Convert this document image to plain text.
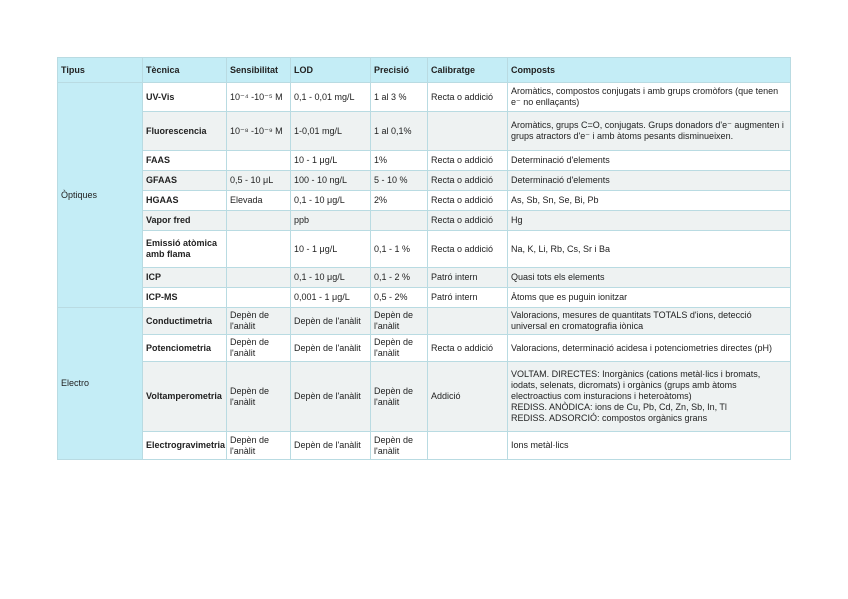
Tipus	Tècnica	Sensibilitat	LOD	Precisió	Calibratge	Composts
Òptiques	UV-Vis	10⁻⁴ -10⁻⁵ M	0,1 - 0,01 mg/L	1 al 3 %	Recta o addició	Aromàtics, compostos conjugats i amb grups cromòfors (que tenen e⁻ no enllaçants)
	Fluorescencia	10⁻⁸ -10⁻⁹ M	1-0,01 mg/L	1 al 0,1%		Aromàtics, grups C=O, conjugats. Grups donadors d'e⁻ augmenten i grups atractors d'e⁻ i amb àtoms pesants disminueixen.
	FAAS		10 - 1 μg/L	1%	Recta o addició	Determinació d'elements
	GFAAS	0,5 - 10 μL	100 - 10 ng/L	5 - 10 %	Recta o addició	Determinació d'elements
	HGAAS	Elevada	0,1 - 10 μg/L	2%	Recta o addició	As, Sb, Sn, Se, Bi, Pb
	Vapor fred		ppb		Recta o addició	Hg
	Emissió atòmica amb flama		10 - 1 μg/L	0,1 - 1 %	Recta o addició	Na, K, Li, Rb, Cs, Sr i Ba
	ICP		0,1 - 10 μg/L	0,1 - 2 %	Patró intern	Quasi tots els elements
	ICP-MS		0,001 - 1 μg/L	0,5 - 2%	Patró intern	Àtoms que es puguin ionitzar
Electro	Conductimetria	Depèn de l'anàlit	Depèn de l'anàlit	Depèn de l'anàlit		Valoracions, mesures de quantitats TOTALS d'ions, detecció universal en cromatografia iònica
	Potenciometria	Depèn de l'anàlit	Depèn de l'anàlit	Depèn de l'anàlit	Recta o addició	Valoracions, determinació acidesa i potenciometries directes (pH)
	Voltamperometria	Depèn de l'anàlit	Depèn de l'anàlit	Depèn de l'anàlit	Addició	VOLTAM. DIRECTES: Inorgànics (cations metàl·lics i bromats, iodats, selenats, dicromats) i orgànics (grups amb àtoms electroactius com insturacions i heteroàtoms)
REDISS. ANÒDICA: ions de Cu, Pb, Cd, Zn, Sb, In, Tl
REDISS. ADSORCIÓ: compostos orgànics grans
	Electrogravimetria	Depèn de l'anàlit	Depèn de l'anàlit	Depèn de l'anàlit		Ions metàl·lics
